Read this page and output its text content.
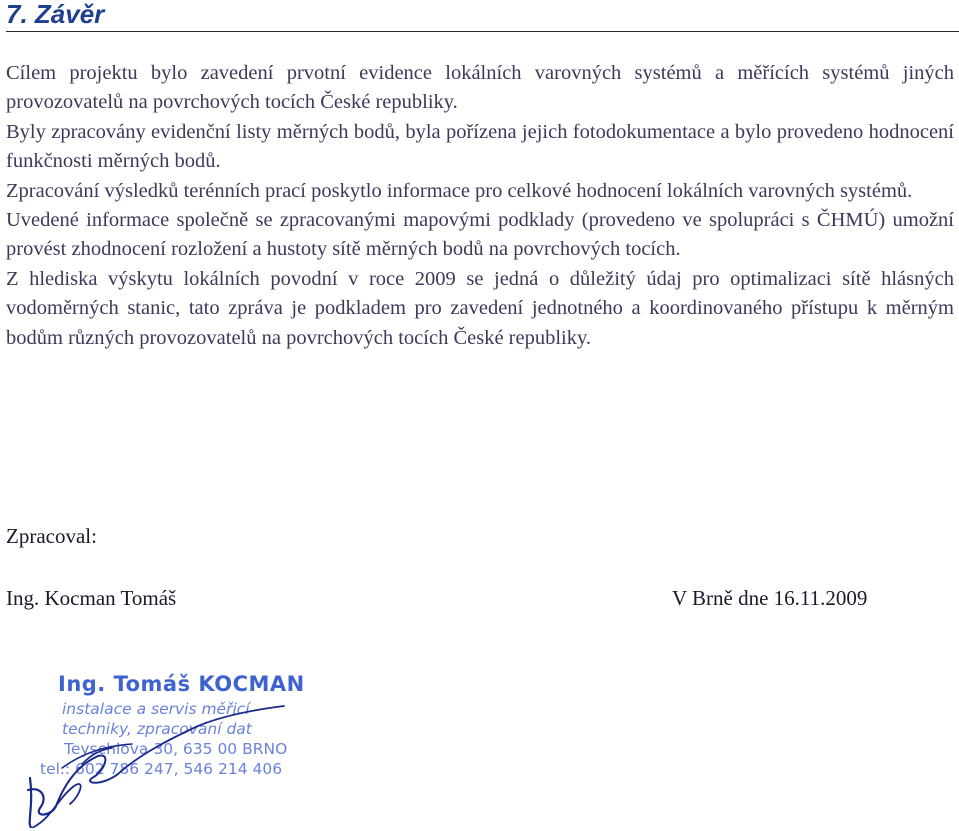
7. Závěr

Cílem projektu bylo zavedení prvotní evidence lokálních varovných systémů a měřících systémů jiných provozovatelů na povrchových tocích České republiky.

Byly zpracovány evidenční listy měrných bodů, byla pořízena jejich fotodokumentace a bylo provedeno hodnocení funkčnosti měrných bodů.

Zpracování výsledků terénních prací poskytlo informace pro celkové hodnocení lokálních varovných systémů.

Uvedené informace společně se zpracovanými mapovými podklady (provedeno ve spolupráci s ČHMÚ) umožní provést zhodnocení rozložení a hustoty sítě měrných bodů na povrchových tocích.

Z hlediska výskytu lokálních povodní v roce 2009 se jedná o důležitý údaj pro optimalizaci sítě hlásných vodoměrných stanic, tato zpráva je podkladem pro zavedení jednotného a koordinovaného přístupu k měrným bodům různých provozovatelů na povrchových tocích České republiky.

Zpracoval:
Ing. Kocman Tomáš	V Brně dne 16.11.2009
Ing. Tomáš KOCMAN
instalace a servis měřicí
techniky, zpracování dat
Teyschlova 30, 635 00 BRNO
tel.: 602 786 247, 546 214 406
